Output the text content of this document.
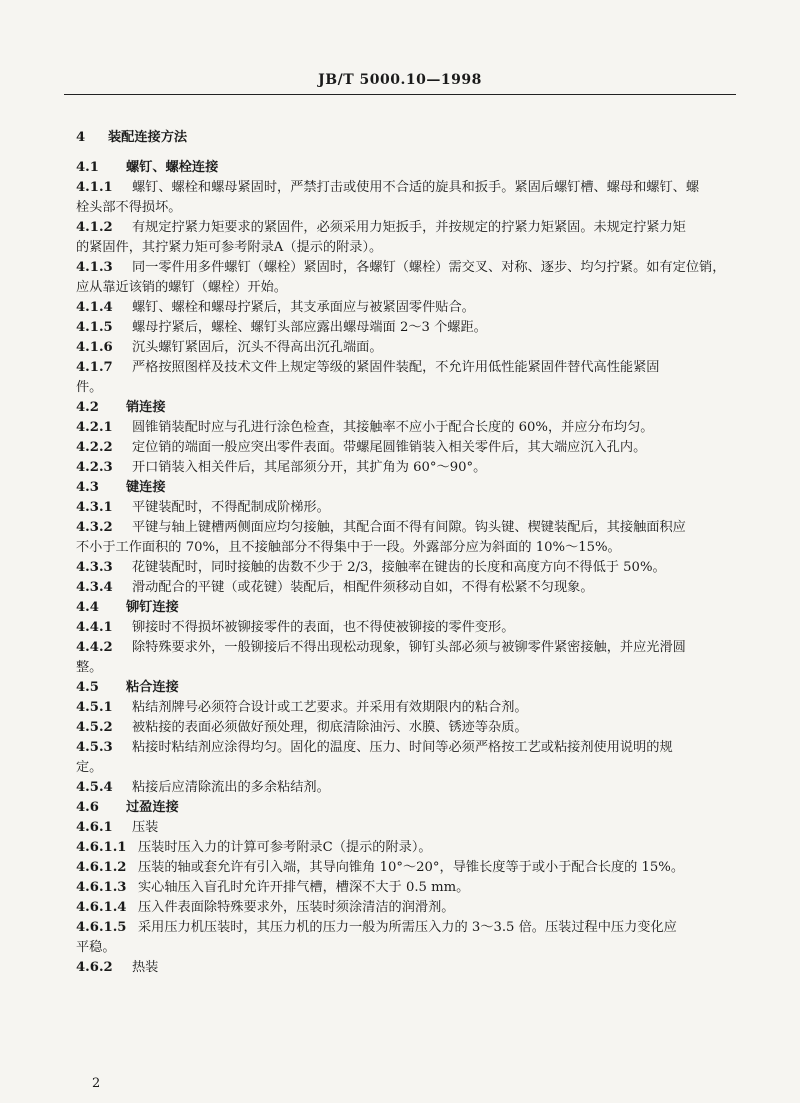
JB/T 5000.10—1998
4 装配连接方法
4.1 螺钉、螺栓连接
4.1.1 螺钉、螺栓和螺母紧固时，严禁打击或使用不合适的旋具和扳手。紧固后螺钉槽、螺母和螺钉、螺
栓头部不得损坏。
4.1.2 有规定拧紧力矩要求的紧固件，必须采用力矩扳手，并按规定的拧紧力矩紧固。未规定拧紧力矩
的紧固件，其拧紧力矩可参考附录A（提示的附录）。
4.1.3 同一零件用多件螺钉（螺栓）紧固时，各螺钉（螺栓）需交叉、对称、逐步、均匀拧紧。如有定位销，
应从靠近该销的螺钉（螺栓）开始。
4.1.4 螺钉、螺栓和螺母拧紧后，其支承面应与被紧固零件贴合。
4.1.5 螺母拧紧后，螺栓、螺钉头部应露出螺母端面 2～3 个螺距。
4.1.6 沉头螺钉紧固后，沉头不得高出沉孔端面。
4.1.7 严格按照图样及技术文件上规定等级的紧固件装配，不允许用低性能紧固件替代高性能紧固
件。
4.2 销连接
4.2.1 圆锥销装配时应与孔进行涂色检查，其接触率不应小于配合长度的 60%，并应分布均匀。
4.2.2 定位销的端面一般应突出零件表面。带螺尾圆锥销装入相关零件后，其大端应沉入孔内。
4.2.3 开口销装入相关件后，其尾部须分开，其扩角为 60°～90°。
4.3 键连接
4.3.1 平键装配时，不得配制成阶梯形。
4.3.2 平键与轴上键槽两侧面应均匀接触，其配合面不得有间隙。钩头键、楔键装配后，其接触面积应
不小于工作面积的 70%，且不接触部分不得集中于一段。外露部分应为斜面的 10%～15%。
4.3.3 花键装配时，同时接触的齿数不少于 2/3，接触率在键齿的长度和高度方向不得低于 50%。
4.3.4 滑动配合的平键（或花键）装配后，相配件须移动自如，不得有松紧不匀现象。
4.4 铆钉连接
4.4.1 铆接时不得损坏被铆接零件的表面，也不得使被铆接的零件变形。
4.4.2 除特殊要求外，一般铆接后不得出现松动现象，铆钉头部必须与被铆零件紧密接触，并应光滑圆
整。
4.5 粘合连接
4.5.1 粘结剂牌号必须符合设计或工艺要求。并采用有效期限内的粘合剂。
4.5.2 被粘接的表面必须做好预处理，彻底清除油污、水膜、锈迹等杂质。
4.5.3 粘接时粘结剂应涂得均匀。固化的温度、压力、时间等必须严格按工艺或粘接剂使用说明的规
定。
4.5.4 粘接后应清除流出的多余粘结剂。
4.6 过盈连接
4.6.1 压装
4.6.1.1 压装时压入力的计算可参考附录C（提示的附录）。
4.6.1.2 压装的轴或套允许有引入端，其导向锥角 10°～20°，导锥长度等于或小于配合长度的 15%。
4.6.1.3 实心轴压入盲孔时允许开排气槽，槽深不大于 0.5 mm。
4.6.1.4 压入件表面除特殊要求外，压装时须涂清洁的润滑剂。
4.6.1.5 采用压力机压装时，其压力机的压力一般为所需压入力的 3～3.5 倍。压装过程中压力变化应
平稳。
4.6.2 热装
2
